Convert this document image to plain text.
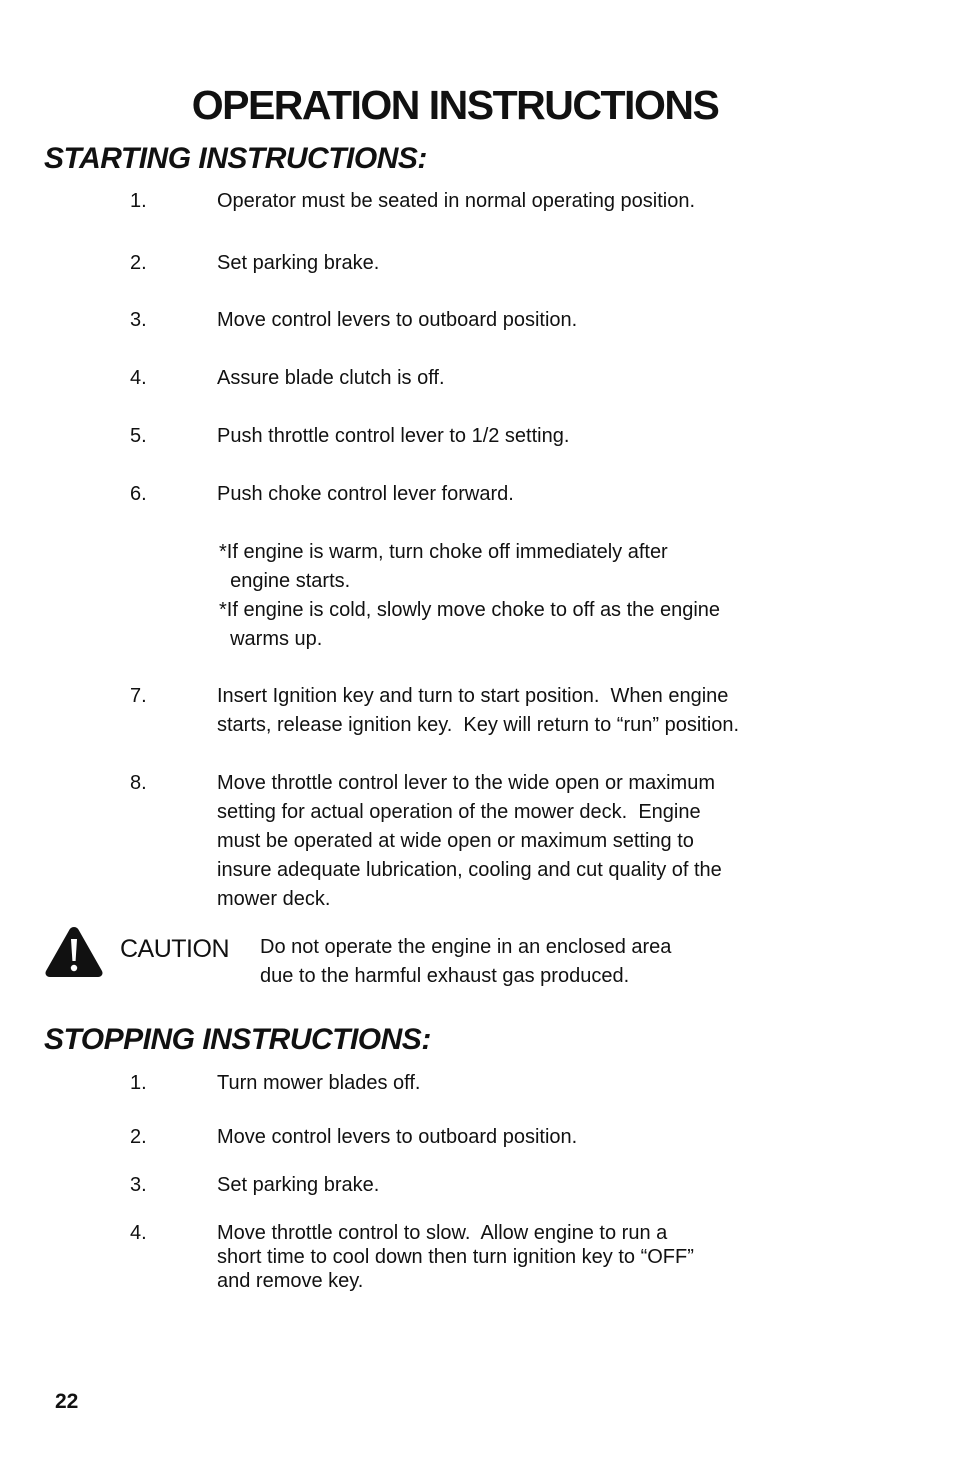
OPERATION INSTRUCTIONS
STARTING INSTRUCTIONS:
1.	Operator must be seated in normal operating position.
2.	Set parking brake.
3.	Move control levers to outboard position.
4.	Assure blade clutch is off.
5.	Push throttle control lever to 1/2 setting.
6.	Push choke control lever forward.
*If engine is warm, turn choke off immediately after
engine starts.
*If engine is cold, slowly move choke to off as the engine
warms up.
7.	Insert Ignition key and turn to start position.  When engine
starts, release ignition key.  Key will return to “run” position.
8.	Move throttle control lever to the wide open or maximum
setting for actual operation of the mower deck.  Engine
must be operated at wide open or maximum setting to
insure adequate lubrication, cooling and cut quality of the
mower deck.
CAUTION Do not operate the engine in an enclosed area
due to the harmful exhaust gas produced.
STOPPING INSTRUCTIONS:
1.	Turn mower blades off.
2.	Move control levers to outboard position.
3.	Set parking brake.
4.	Move throttle control to slow.  Allow engine to run a
short time to cool down then turn ignition key to “OFF”
and remove key.
22
